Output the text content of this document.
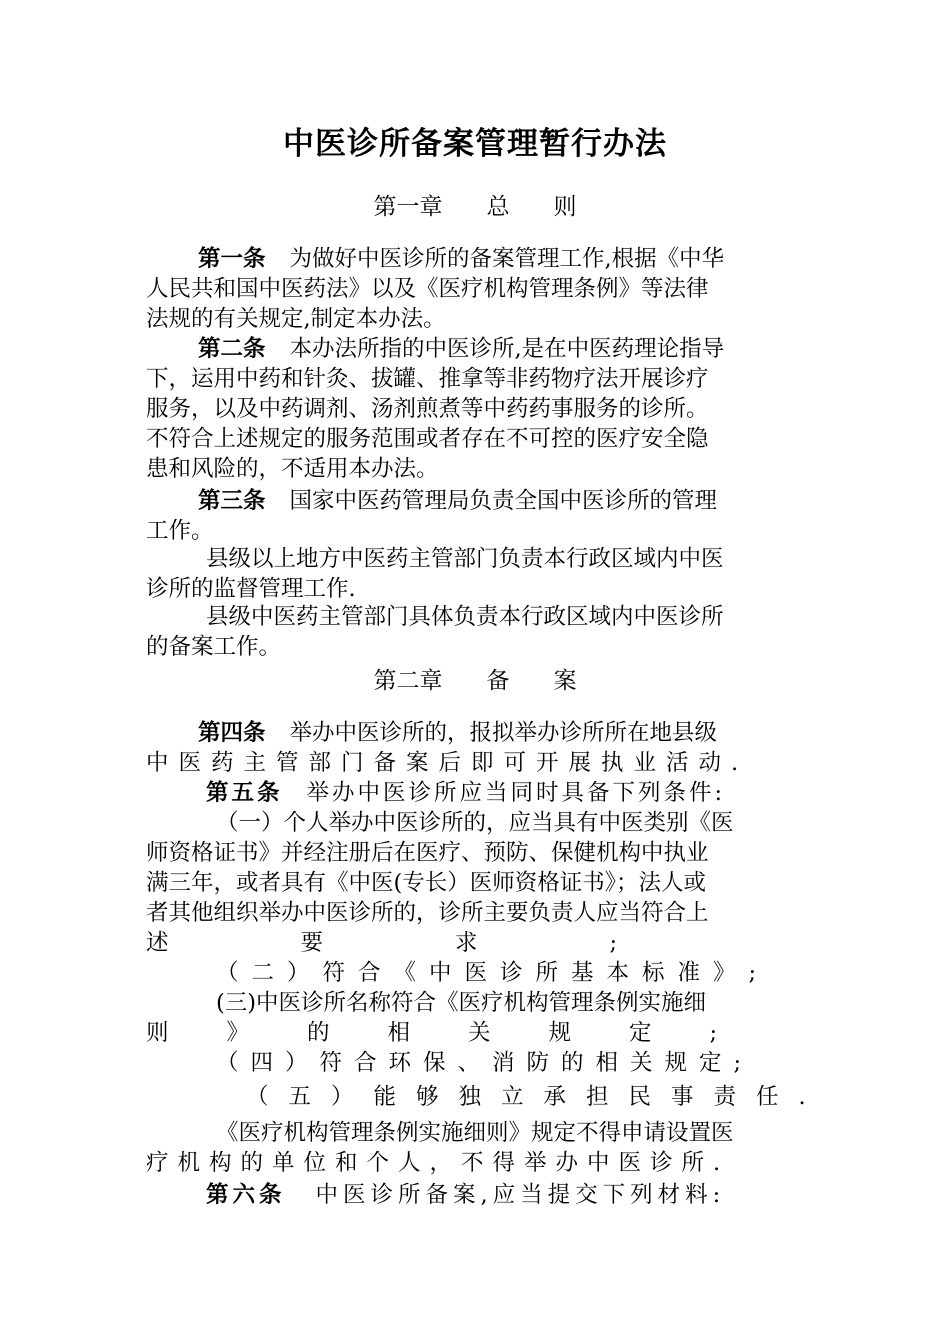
中医诊所备案管理暂行办法
第一章 总 则
第一条 为做好中医诊所的备案管理工作,根据《中华
人民共和国中医药法》以及《医疗机构管理条例》等法律
法规的有关规定,制定本办法。
第二条 本办法所指的中医诊所,是在中医药理论指导
下，运用中药和针灸、拔罐、推拿等非药物疗法开展诊疗
服务，以及中药调剂、汤剂煎煮等中药药事服务的诊所。
不符合上述规定的服务范围或者存在不可控的医疗安全隐
患和风险的，不适用本办法。
第三条 国家中医药管理局负责全国中医诊所的管理
工作。
县级以上地方中医药主管部门负责本行政区域内中医
诊所的监督管理工作.
县级中医药主管部门具体负责本行政区域内中医诊所
的备案工作。
第二章 备 案
第四条 举办中医诊所的，报拟举办诊所所在地县级
中医药主管部门备案后即可开展执业活动.
第五条 举办中医诊所应当同时具备下列条件:
（一）个人举办中医诊所的，应当具有中医类别《医
师资格证书》并经注册后在医疗、预防、保健机构中执业
满三年，或者具有《中医(专长）医师资格证书》；法人或
者其他组织举办中医诊所的，诊所主要负责人应当符合上
述要求;
（二）符合《中医诊所基本标准》;
(三)中医诊所名称符合《医疗机构管理条例实施细
则》的相关规定;
（四）符合环保、消防的相关规定;
（五）能够独立承担民事责任.
《医疗机构管理条例实施细则》规定不得申请设置医
疗机构的单位和个人，不得举办中医诊所.
第六条 中医诊所备案,应当提交下列材料:
